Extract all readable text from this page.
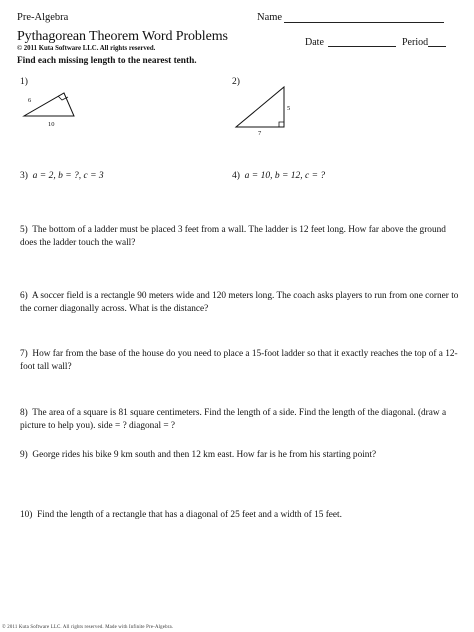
Pre-Algebra	Name
Pythagorean Theorem Word Problems
© 2011 Kuta Software LLC. All rights reserved.
Date	Period
Find each missing length to the nearest tenth.
1)
6
10
2)
5
7
3) a = 2, b = ?, c = 3	4) a = 10, b = 12, c = ?
5) The bottom of a ladder must be placed 3 feet from a wall. The ladder is 12 feet long. How far above the ground does the ladder touch the wall?
6) A soccer field is a rectangle 90 meters wide and 120 meters long. The coach asks players to run from one corner to the corner diagonally across. What is the distance?
7) How far from the base of the house do you need to place a 15-foot ladder so that it exactly reaches the top of a 12-foot tall wall?
8) The area of a square is 81 square centimeters. Find the length of a side. Find the length of the diagonal. (draw a picture to help you). side = ? diagonal = ?
9) George rides his bike 9 km south and then 12 km east. How far is he from his starting point?
10) Find the length of a rectangle that has a diagonal of 25 feet and a width of 15 feet.
© 2011 Kuta Software LLC. All rights reserved. Made with Infinite Pre-Algebra.
